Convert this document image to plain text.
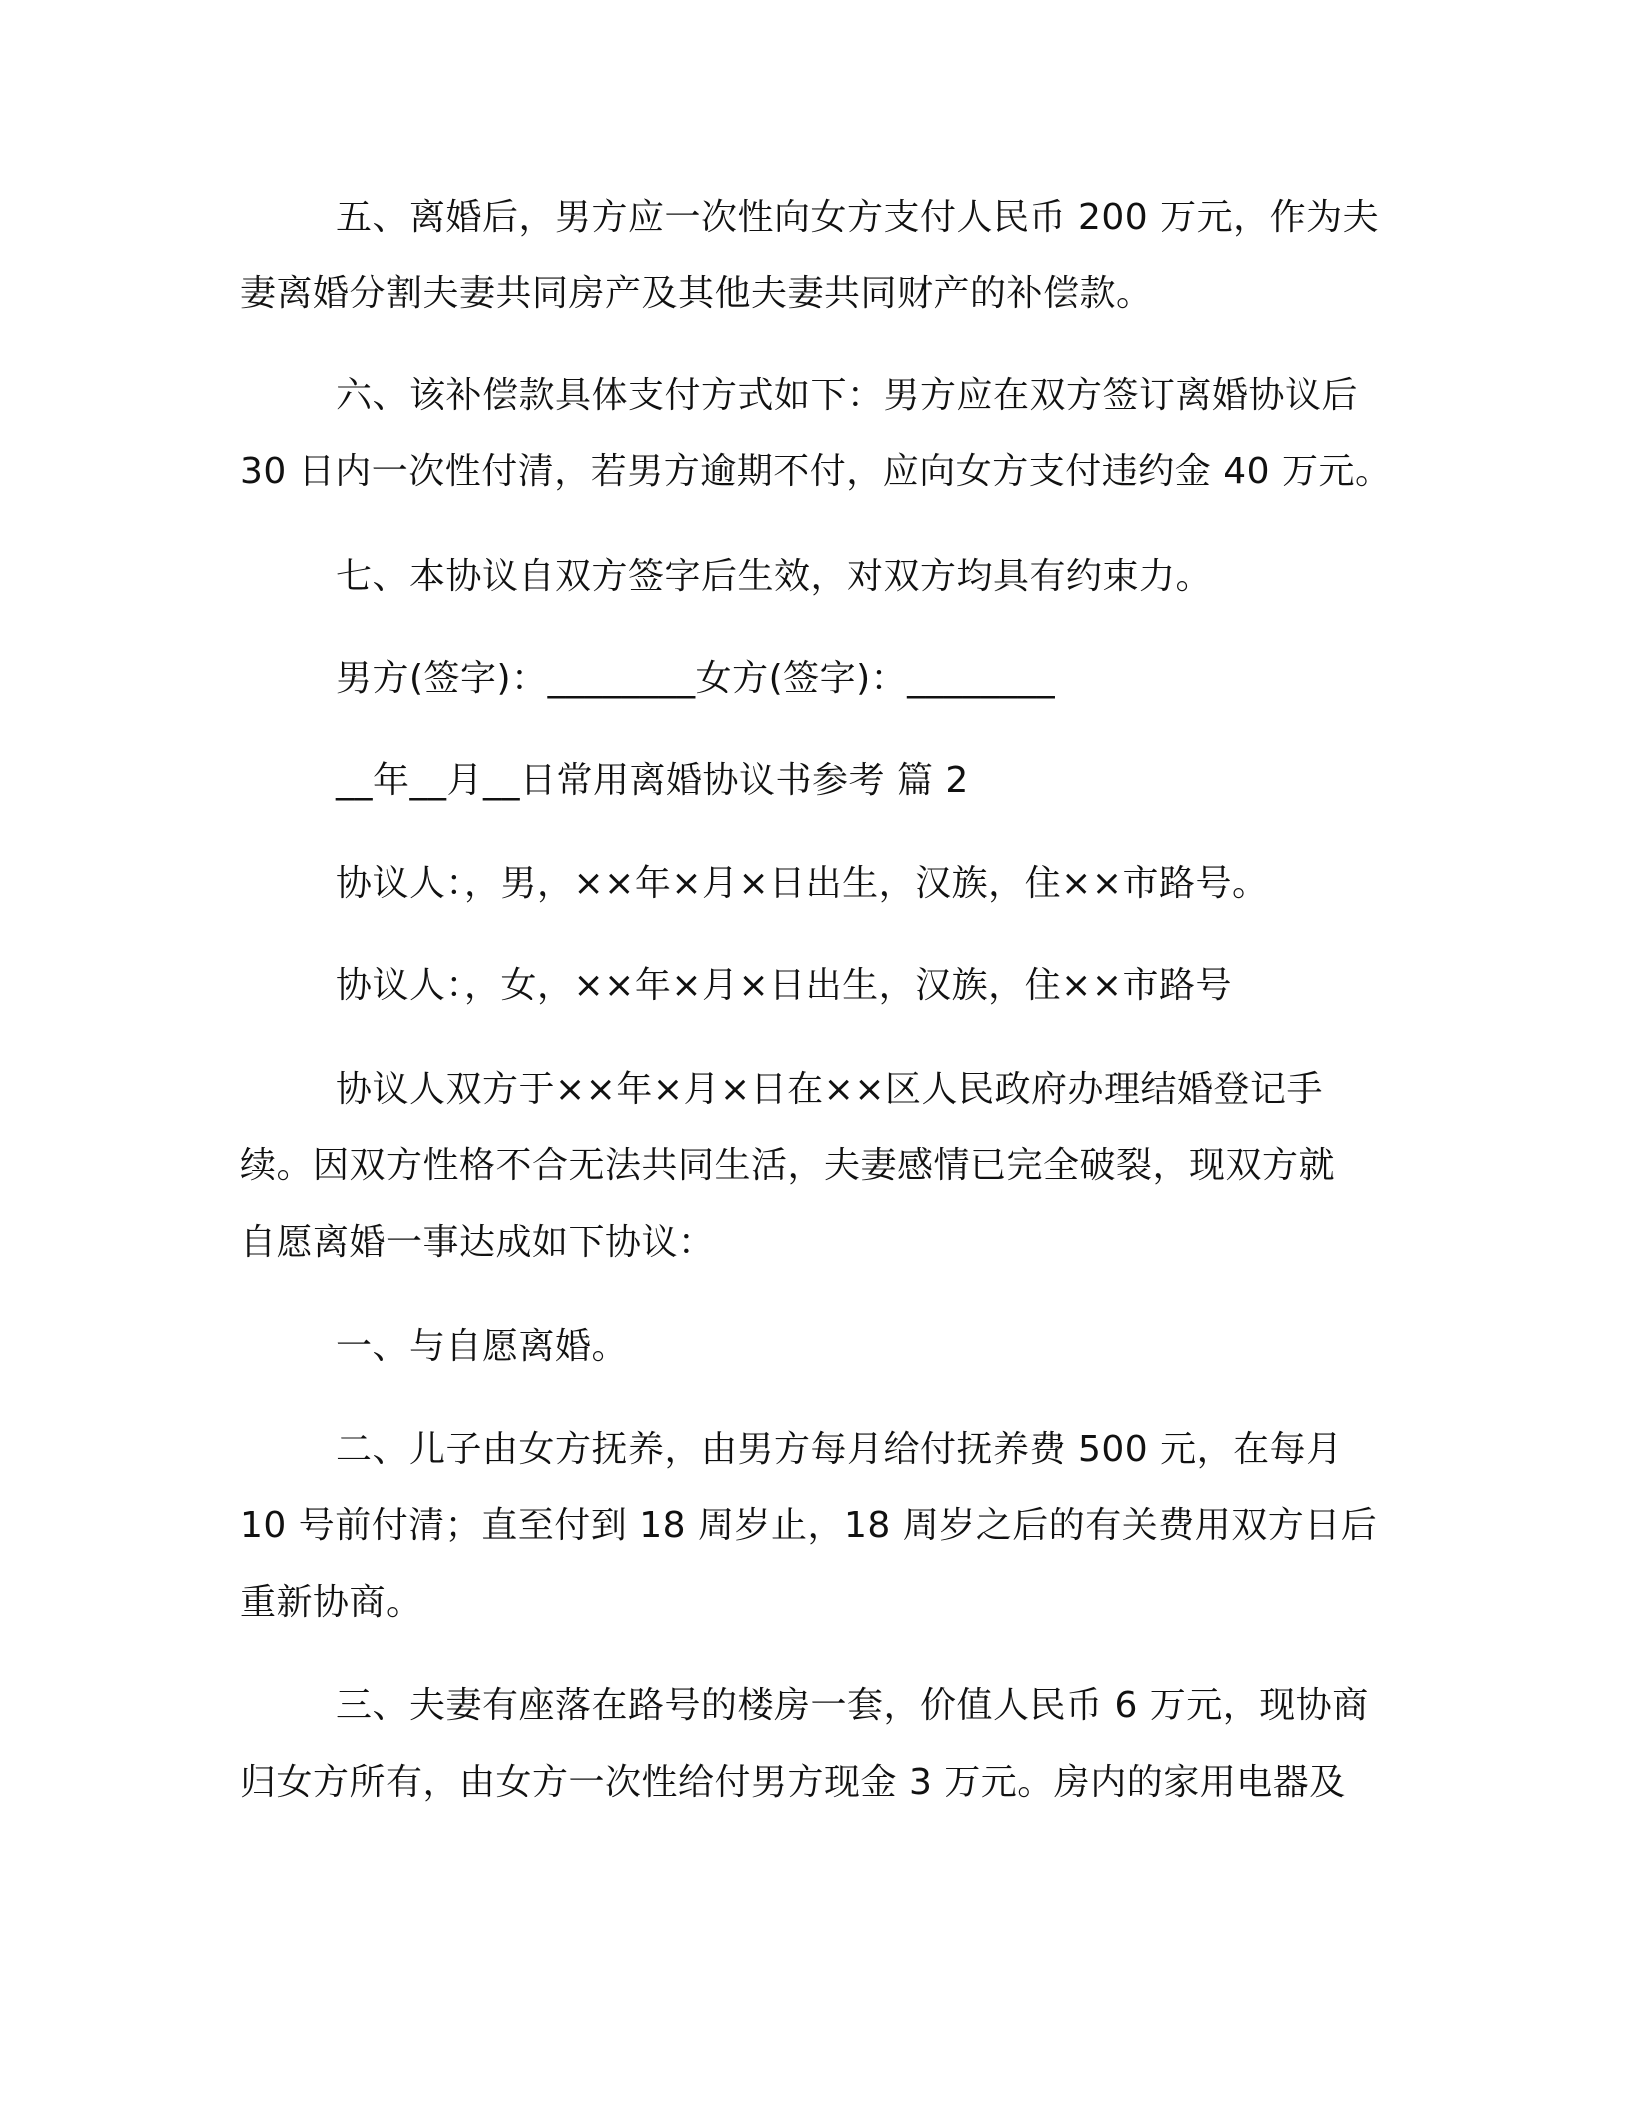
五、离婚后，男方应一次性向女方支付人民币 200 万元，作为夫
妻离婚分割夫妻共同房产及其他夫妻共同财产的补偿款。
六、该补偿款具体支付方式如下：男方应在双方签订离婚协议后
30 日内一次性付清，若男方逾期不付，应向女方支付违约金 40 万元。
七、本协议自双方签字后生效，对双方均具有约束力。
男方(签字)：________女方(签字)：________
__年__月__日常用离婚协议书参考 篇 2
协议人：，男，××年×月×日出生，汉族，住××市路号。
协议人：，女，××年×月×日出生，汉族，住××市路号
协议人双方于××年×月×日在××区人民政府办理结婚登记手
续。因双方性格不合无法共同生活，夫妻感情已完全破裂，现双方就
自愿离婚一事达成如下协议：
一、与自愿离婚。
二、儿子由女方抚养，由男方每月给付抚养费 500 元，在每月
10 号前付清；直至付到 18 周岁止，18 周岁之后的有关费用双方日后
重新协商。
三、夫妻有座落在路号的楼房一套，价值人民币 6 万元，现协商
归女方所有，由女方一次性给付男方现金 3 万元。房内的家用电器及
